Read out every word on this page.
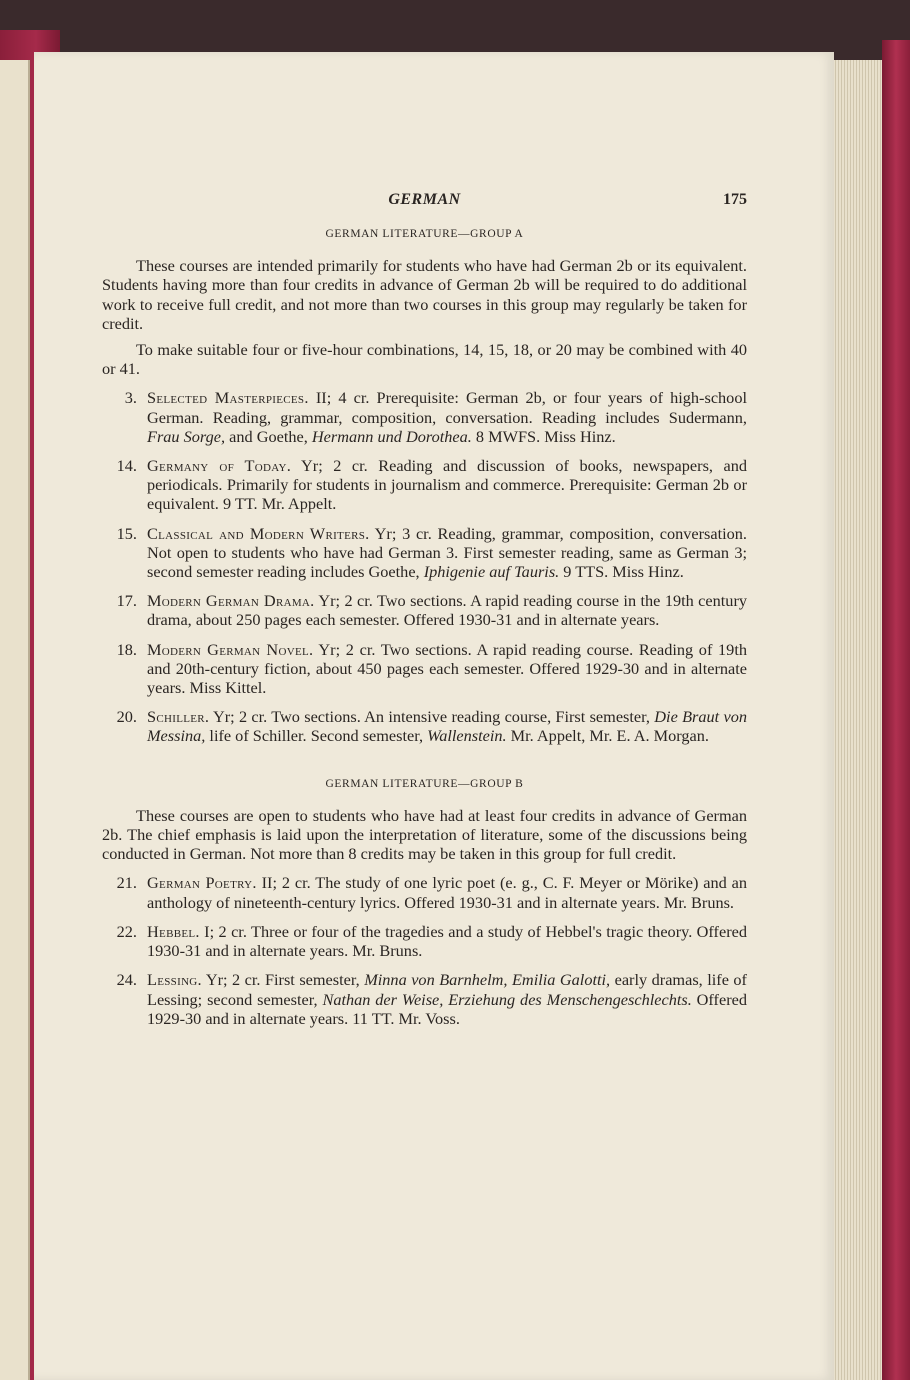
GERMAN	175
GERMAN LITERATURE—GROUP A

These courses are intended primarily for students who have had German 2b or its equivalent. Students having more than four credits in advance of German 2b will be required to do additional work to receive full credit, and not more than two courses in this group may regularly be taken for credit.

To make suitable four or five-hour combinations, 14, 15, 18, or 20 may be combined with 40 or 41.

3. Selected Masterpieces. II; 4 cr. Prerequisite: German 2b, or four years of high-school German. Reading, grammar, composition, conversation. Reading includes Sudermann, Frau Sorge, and Goethe, Hermann und Dorothea. 8 MWFS. Miss Hinz.
14. Germany of Today. Yr; 2 cr. Reading and discussion of books, newspapers, and periodicals. Primarily for students in journalism and commerce. Prerequisite: German 2b or equivalent. 9 TT. Mr. Appelt.
15. Classical and Modern Writers. Yr; 3 cr. Reading, grammar, composition, conversation. Not open to students who have had German 3. First semester reading, same as German 3; second semester reading includes Goethe, Iphigenie auf Tauris. 9 TTS. Miss Hinz.
17. Modern German Drama. Yr; 2 cr. Two sections. A rapid reading course in the 19th century drama, about 250 pages each semester. Offered 1930-31 and in alternate years.
18. Modern German Novel. Yr; 2 cr. Two sections. A rapid reading course. Reading of 19th and 20th-century fiction, about 450 pages each semester. Offered 1929-30 and in alternate years. Miss Kittel.
20. Schiller. Yr; 2 cr. Two sections. An intensive reading course, First semester, Die Braut von Messina, life of Schiller. Second semester, Wallenstein. Mr. Appelt, Mr. E. A. Morgan.
GERMAN LITERATURE—GROUP B

These courses are open to students who have had at least four credits in advance of German 2b. The chief emphasis is laid upon the interpretation of literature, some of the discussions being conducted in German. Not more than 8 credits may be taken in this group for full credit.

21. German Poetry. II; 2 cr. The study of one lyric poet (e. g., C. F. Meyer or Mörike) and an anthology of nineteenth-century lyrics. Offered 1930-31 and in alternate years. Mr. Bruns.
22. Hebbel. I; 2 cr. Three or four of the tragedies and a study of Hebbel's tragic theory. Offered 1930-31 and in alternate years. Mr. Bruns.
24. Lessing. Yr; 2 cr. First semester, Minna von Barnhelm, Emilia Galotti, early dramas, life of Lessing; second semester, Nathan der Weise, Erziehung des Menschengeschlechts. Offered 1929-30 and in alternate years. 11 TT. Mr. Voss.
